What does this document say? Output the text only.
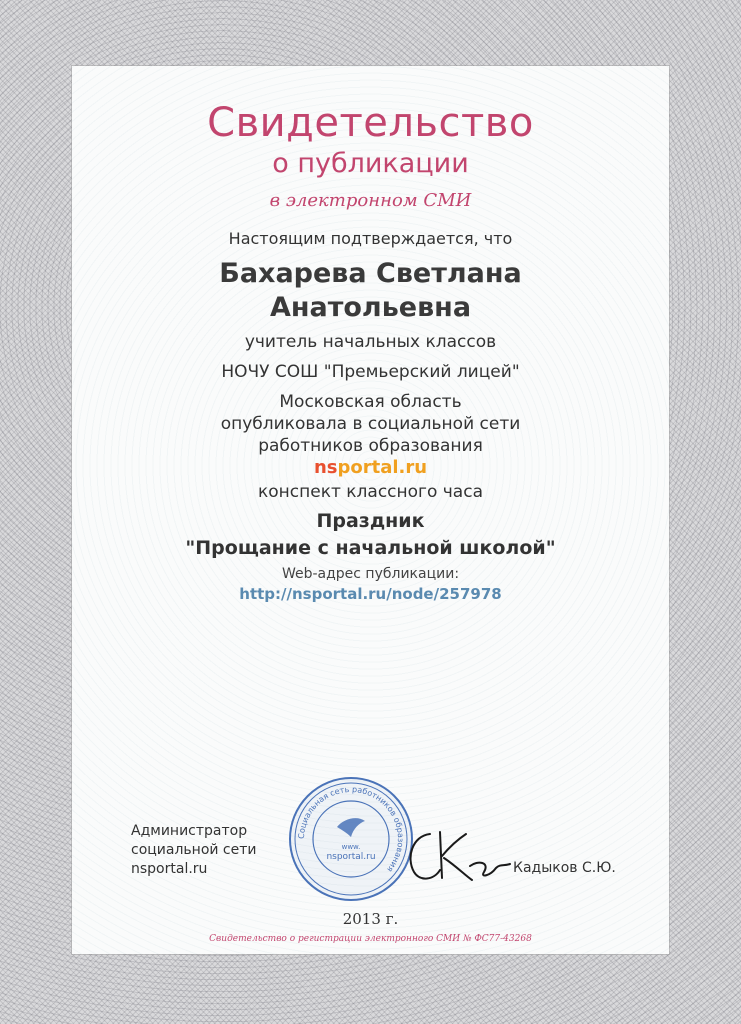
Свидетельство
о публикации
в электронном СМИ
Настоящим подтверждается, что
Бахарева Светлана
Анатольевна
учитель начальных классов
НОЧУ СОШ "Премьерский лицей"
Московская область
опубликовала в социальной сети
работников образования
nsportal.ru
конспект классного часа
Праздник
"Прощание с начальной школой"
Web-адрес публикации:
http://nsportal.ru/node/257978
Администратор
социальной сети
nsportal.ru
Социальная сеть работников образования
www.
nsportal.ru
Кадыков С.Ю.
2013 г.
Свидетельство о регистрации электронного СМИ № ФС77-43268
